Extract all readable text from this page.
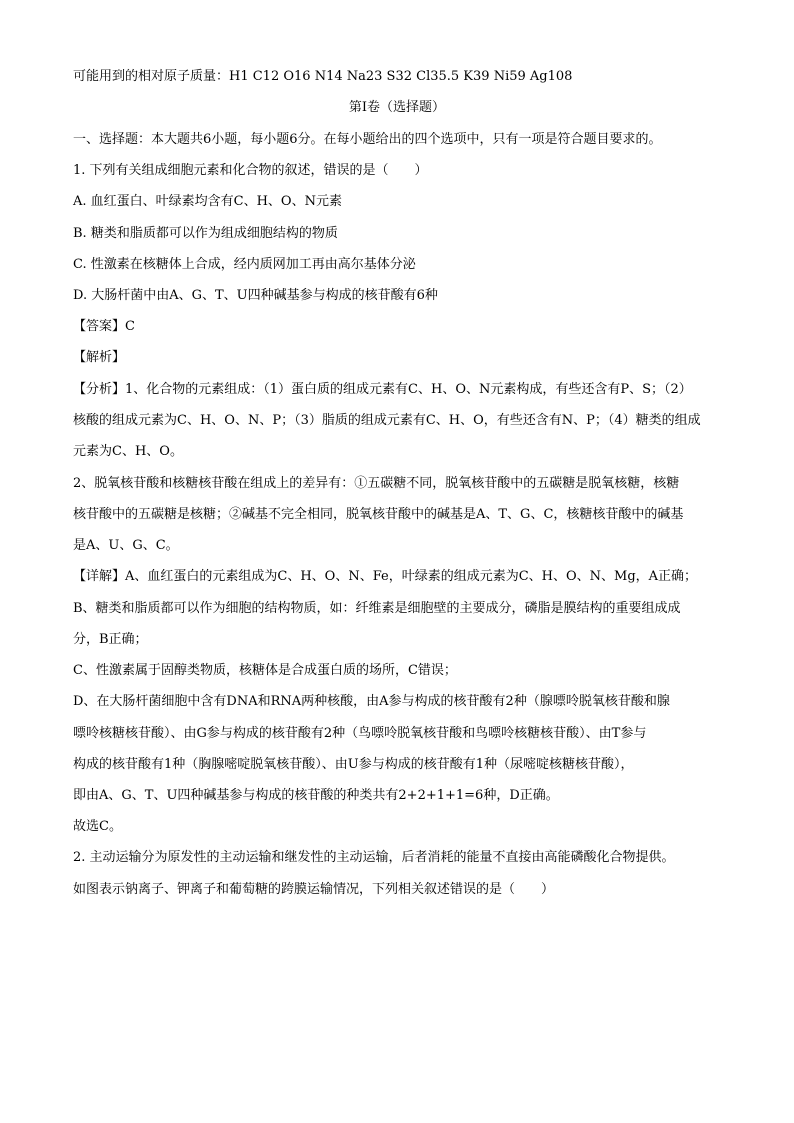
可能用到的相对原子质量：H1 C12 O16 N14 Na23 S32 Cl35.5 K39 Ni59 Ag108
第Ⅰ卷（选择题）
一、选择题：本大题共6小题，每小题6分。在每小题给出的四个选项中，只有一项是符合题目要求的。
1. 下列有关组成细胞元素和化合物的叙述，错误的是（　　）
A. 血红蛋白、叶绿素均含有C、H、O、N元素
B. 糖类和脂质都可以作为组成细胞结构的物质
C. 性激素在核糖体上合成，经内质网加工再由高尔基体分泌
D. 大肠杆菌中由A、G、T、U四种碱基参与构成的核苷酸有6种
【答案】C
【解析】
【分析】1、化合物的元素组成：（1）蛋白质的组成元素有C、H、O、N元素构成，有些还含有P、S；（2）
核酸的组成元素为C、H、O、N、P；（3）脂质的组成元素有C、H、O，有些还含有N、P；（4）糖类的组成
元素为C、H、O。
2、脱氧核苷酸和核糖核苷酸在组成上的差异有：①五碳糖不同，脱氧核苷酸中的五碳糖是脱氧核糖，核糖
核苷酸中的五碳糖是核糖；②碱基不完全相同，脱氧核苷酸中的碱基是A、T、G、C，核糖核苷酸中的碱基
是A、U、G、C。
【详解】A、血红蛋白的元素组成为C、H、O、N、Fe，叶绿素的组成元素为C、H、O、N、Mg，A正确；
B、糖类和脂质都可以作为细胞的结构物质，如：纤维素是细胞壁的主要成分，磷脂是膜结构的重要组成成
分，B正确；
C、性激素属于固醇类物质，核糖体是合成蛋白质的场所，C错误；
D、在大肠杆菌细胞中含有DNA和RNA两种核酸，由A参与构成的核苷酸有2种（腺嘌呤脱氧核苷酸和腺
嘌呤核糖核苷酸）、由G参与构成的核苷酸有2种（鸟嘌呤脱氧核苷酸和鸟嘌呤核糖核苷酸）、由T参与
构成的核苷酸有1种（胸腺嘧啶脱氧核苷酸）、由U参与构成的核苷酸有1种（尿嘧啶核糖核苷酸），
即由A、G、T、U四种碱基参与构成的核苷酸的种类共有2+2+1+1=6种，D正确。
故选C。
2. 主动运输分为原发性的主动运输和继发性的主动运输，后者消耗的能量不直接由高能磷酸化合物提供。
如图表示钠离子、钾离子和葡萄糖的跨膜运输情况，下列相关叙述错误的是（　　）
